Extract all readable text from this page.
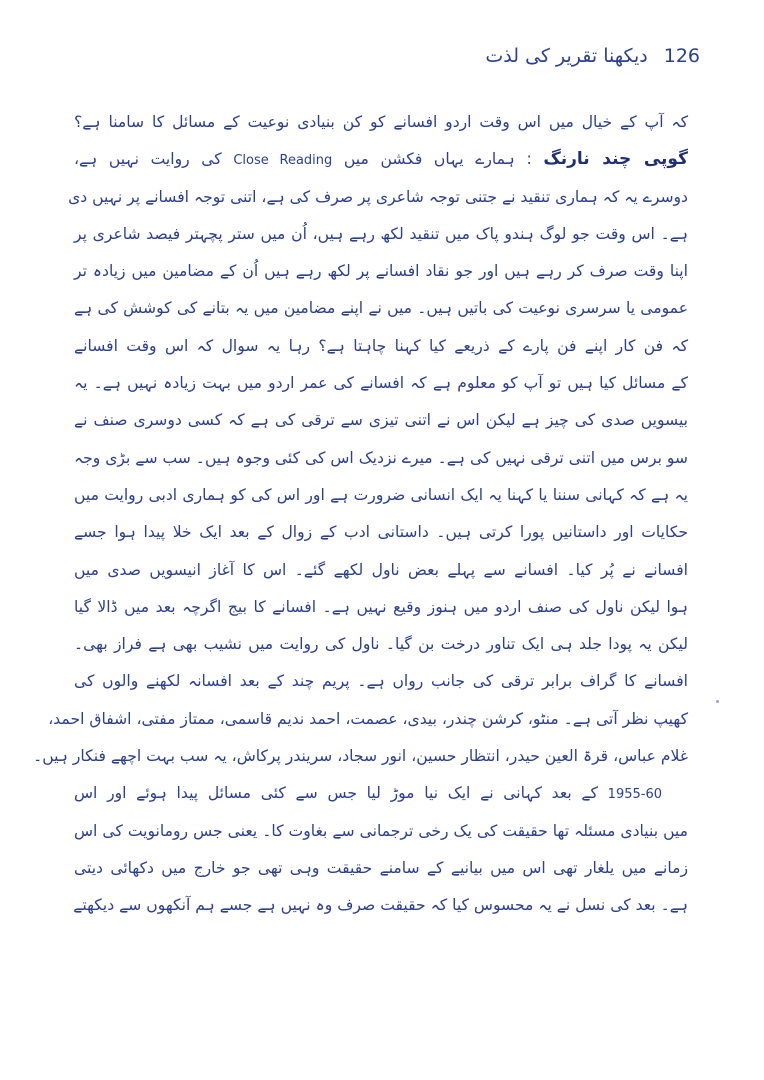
126
دیکھنا تقریر کی لذت
کہ آپ کے خیال میں اس وقت اردو افسانے کو کن بنیادی نوعیت کے مسائل کا سامنا ہے؟
گوپی چند نارنگ : ہمارے یہاں فکشن میں Close Reading کی روایت نہیں ہے،
دوسرے یہ کہ ہماری تنقید نے جتنی توجہ شاعری پر صرف کی ہے، اتنی توجہ افسانے پر نہیں دی
ہے۔ اس وقت جو لوگ ہندو پاک میں تنقید لکھ رہے ہیں، اُن میں ستر پچہتر فیصد شاعری پر
اپنا وقت صرف کر رہے ہیں اور جو نقاد افسانے پر لکھ رہے ہیں اُن کے مضامین میں زیادہ تر
عمومی یا سرسری نوعیت کی باتیں ہیں۔ میں نے اپنے مضامین میں یہ بتانے کی کوشش کی ہے
کہ فن کار اپنے فن پارے کے ذریعے کیا کہنا چاہتا ہے؟ رہا یہ سوال کہ اس وقت افسانے
کے مسائل کیا ہیں تو آپ کو معلوم ہے کہ افسانے کی عمر اردو میں بہت زیادہ نہیں ہے۔ یہ
بیسویں صدی کی چیز ہے لیکن اس نے اتنی تیزی سے ترقی کی ہے کہ کسی دوسری صنف نے
سو برس میں اتنی ترقی نہیں کی ہے۔ میرے نزدیک اس کی کئی وجوہ ہیں۔ سب سے بڑی وجہ
یہ ہے کہ کہانی سننا یا کہنا یہ ایک انسانی ضرورت ہے اور اس کی کو ہماری ادبی روایت میں
حکایات اور داستانیں پورا کرتی ہیں۔ داستانی ادب کے زوال کے بعد ایک خلا پیدا ہوا جسے
افسانے نے پُر کیا۔ افسانے سے پہلے بعض ناول لکھے گئے۔ اس کا آغاز انیسویں صدی میں
ہوا لیکن ناول کی صنف اردو میں ہنوز وقیع نہیں ہے۔ افسانے کا بیج اگرچہ بعد میں ڈالا گیا
لیکن یہ پودا جلد ہی ایک تناور درخت بن گیا۔ ناول کی روایت میں نشیب بھی ہے فراز بھی۔
افسانے کا گراف برابر ترقی کی جانب رواں ہے۔ پریم چند کے بعد افسانہ لکھنے والوں کی
کھیپ نظر آتی ہے۔ منٹو، کرشن چندر، بیدی، عصمت، احمد ندیم قاسمی، ممتاز مفتی، اشفاق احمد،
غلام عباس، قرۃ العین حیدر، انتظار حسین، انور سجاد، سریندر پرکاش، یہ سب بہت اچھے فنکار ہیں۔
1955-60 کے بعد کہانی نے ایک نیا موڑ لیا جس سے کئی مسائل پیدا ہوئے اور اس
میں بنیادی مسئلہ تھا حقیقت کی یک رخی ترجمانی سے بغاوت کا۔ یعنی جس رومانویت کی اس
زمانے میں یلغار تھی اس میں بیانیے کے سامنے حقیقت وہی تھی جو خارج میں دکھائی دیتی
ہے۔ بعد کی نسل نے یہ محسوس کیا کہ حقیقت صرف وہ نہیں ہے جسے ہم آنکھوں سے دیکھتے
